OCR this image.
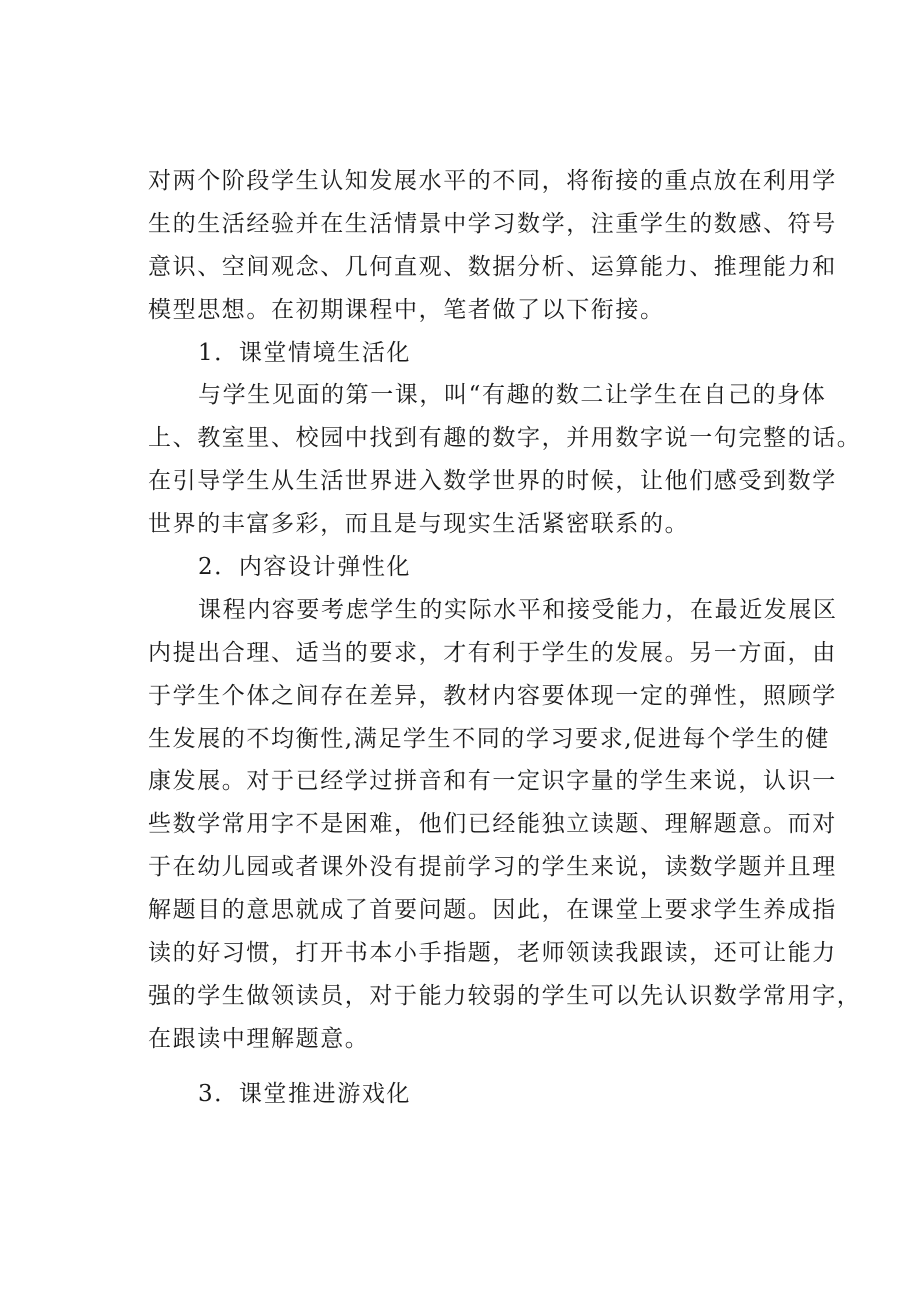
对两个阶段学生认知发展水平的不同，将衔接的重点放在利用学
生的生活经验并在生活情景中学习数学，注重学生的数感、符号
意识、空间观念、几何直观、数据分析、运算能力、推理能力和
模型思想。在初期课程中，笔者做了以下衔接。
1．课堂情境生活化
与学生见面的第一课，叫“有趣的数二让学生在自己的身体
上、教室里、校园中找到有趣的数字，并用数字说一句完整的话。
在引导学生从生活世界进入数学世界的时候，让他们感受到数学
世界的丰富多彩，而且是与现实生活紧密联系的。
2．内容设计弹性化
课程内容要考虑学生的实际水平和接受能力，在最近发展区
内提出合理、适当的要求，才有利于学生的发展。另一方面，由
于学生个体之间存在差异，教材内容要体现一定的弹性，照顾学
生发展的不均衡性,满足学生不同的学习要求,促进每个学生的健
康发展。对于已经学过拼音和有一定识字量的学生来说，认识一
些数学常用字不是困难，他们已经能独立读题、理解题意。而对
于在幼儿园或者课外没有提前学习的学生来说，读数学题并且理
解题目的意思就成了首要问题。因此，在课堂上要求学生养成指
读的好习惯，打开书本小手指题，老师领读我跟读，还可让能力
强的学生做领读员，对于能力较弱的学生可以先认识数学常用字，
在跟读中理解题意。
3．课堂推进游戏化
